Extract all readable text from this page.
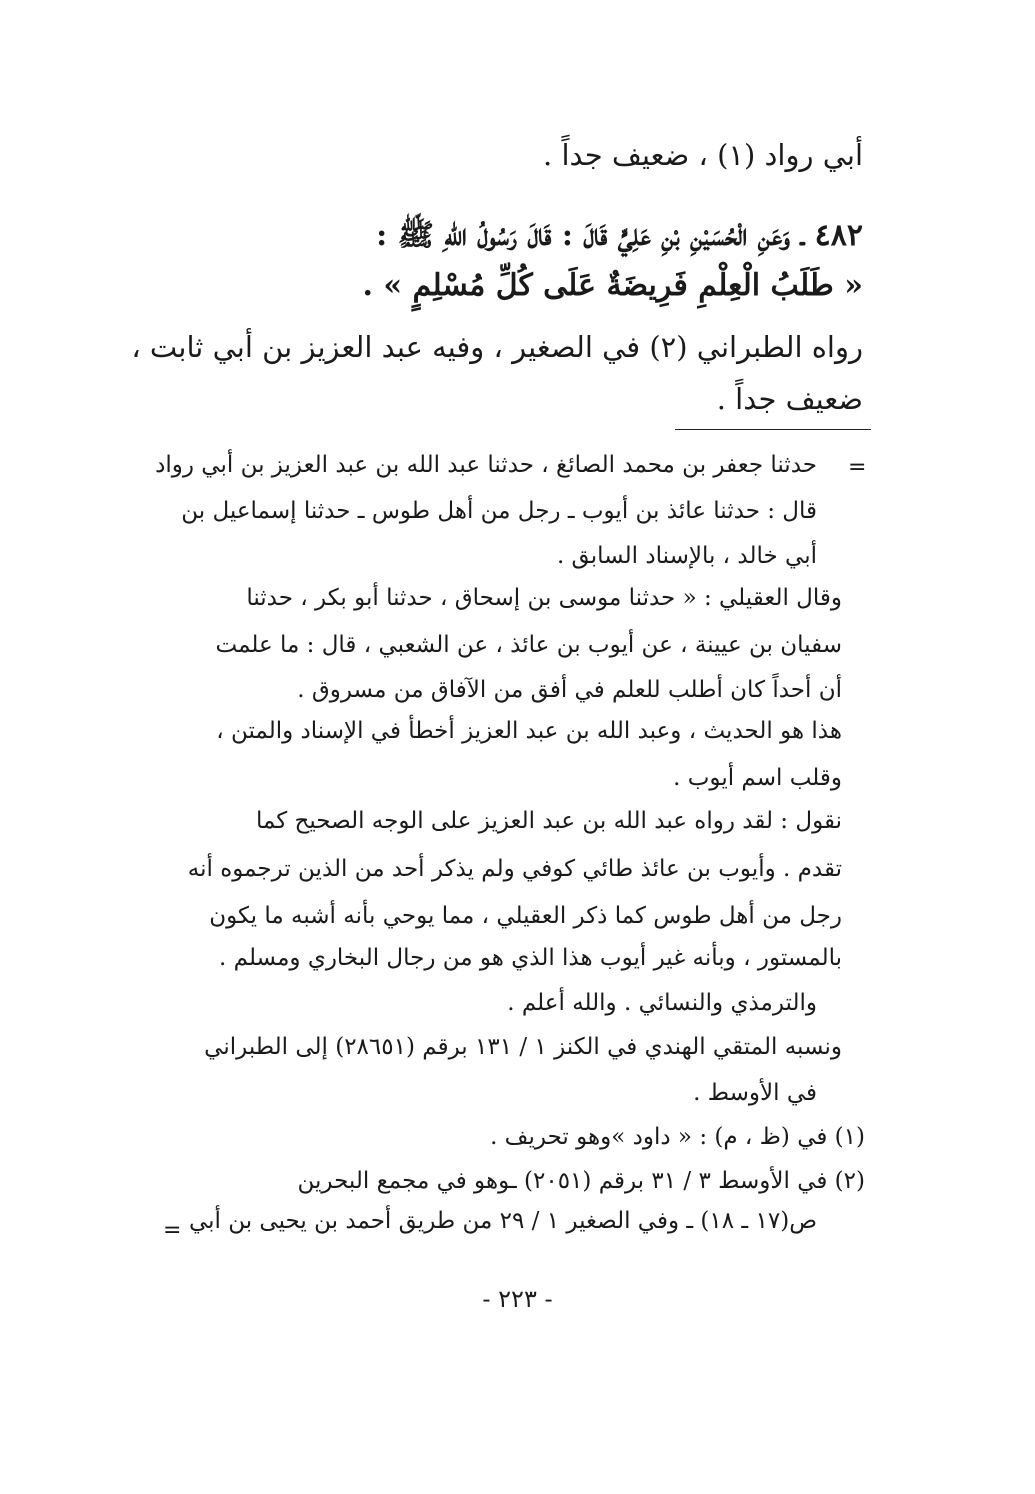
أبي رواد (١) ، ضعيف جداً .
٤٨٢ ـ وَعَنِ الْحُسَيْنِ بْنِ عَلِيٍّ قَالَ : قَالَ رَسُولُ اللهِ ﷺ :
« طَلَبُ الْعِلْمِ فَرِيضَةٌ عَلَى كُلِّ مُسْلِمٍ » .
رواه الطبراني (٢) في الصغير ، وفيه عبد العزيز بن أبي ثابت ،
ضعيف جداً .
=
حدثنا جعفر بن محمد الصائغ ، حدثنا عبد الله بن عبد العزيز بن أبي رواد
قال : حدثنا عائذ بن أيوب ـ رجل من أهل طوس ـ حدثنا إسماعيل بن
أبي خالد ، بالإسناد السابق .
وقال العقيلي : « حدثنا موسى بن إسحاق ، حدثنا أبو بكر ، حدثنا
سفيان بن عيينة ، عن أيوب بن عائذ ، عن الشعبي ، قال : ما علمت
أن أحداً كان أطلب للعلم في أفق من الآفاق من مسروق .
هذا هو الحديث ، وعبد الله بن عبد العزيز أخطأ في الإسناد والمتن ،
وقلب اسم أيوب .
نقول : لقد رواه عبد الله بن عبد العزيز على الوجه الصحيح كما
تقدم . وأيوب بن عائذ طائي كوفي ولم يذكر أحد من الذين ترجموه أنه
رجل من أهل طوس كما ذكر العقيلي ، مما يوحي بأنه أشبه ما يكون
بالمستور ، وبأنه غير أيوب هذا الذي هو من رجال البخاري ومسلم .
والترمذي والنسائي . والله أعلم .
ونسبه المتقي الهندي في الكنز ١ / ١٣١ برقم (٢٨٦٥١) إلى الطبراني
في الأوسط .
(١) في (ظ ، م) : « داود »وهو تحريف .
(٢) في الأوسط ٣ / ٣١ برقم (٢٠٥١) ـوهو في مجمع البحرين
ص(١٧ ـ ١٨) ـ وفي الصغير ١ / ٢٩ من طريق أحمد بن يحيى بن أبي
=
- ٢٢٣ -
